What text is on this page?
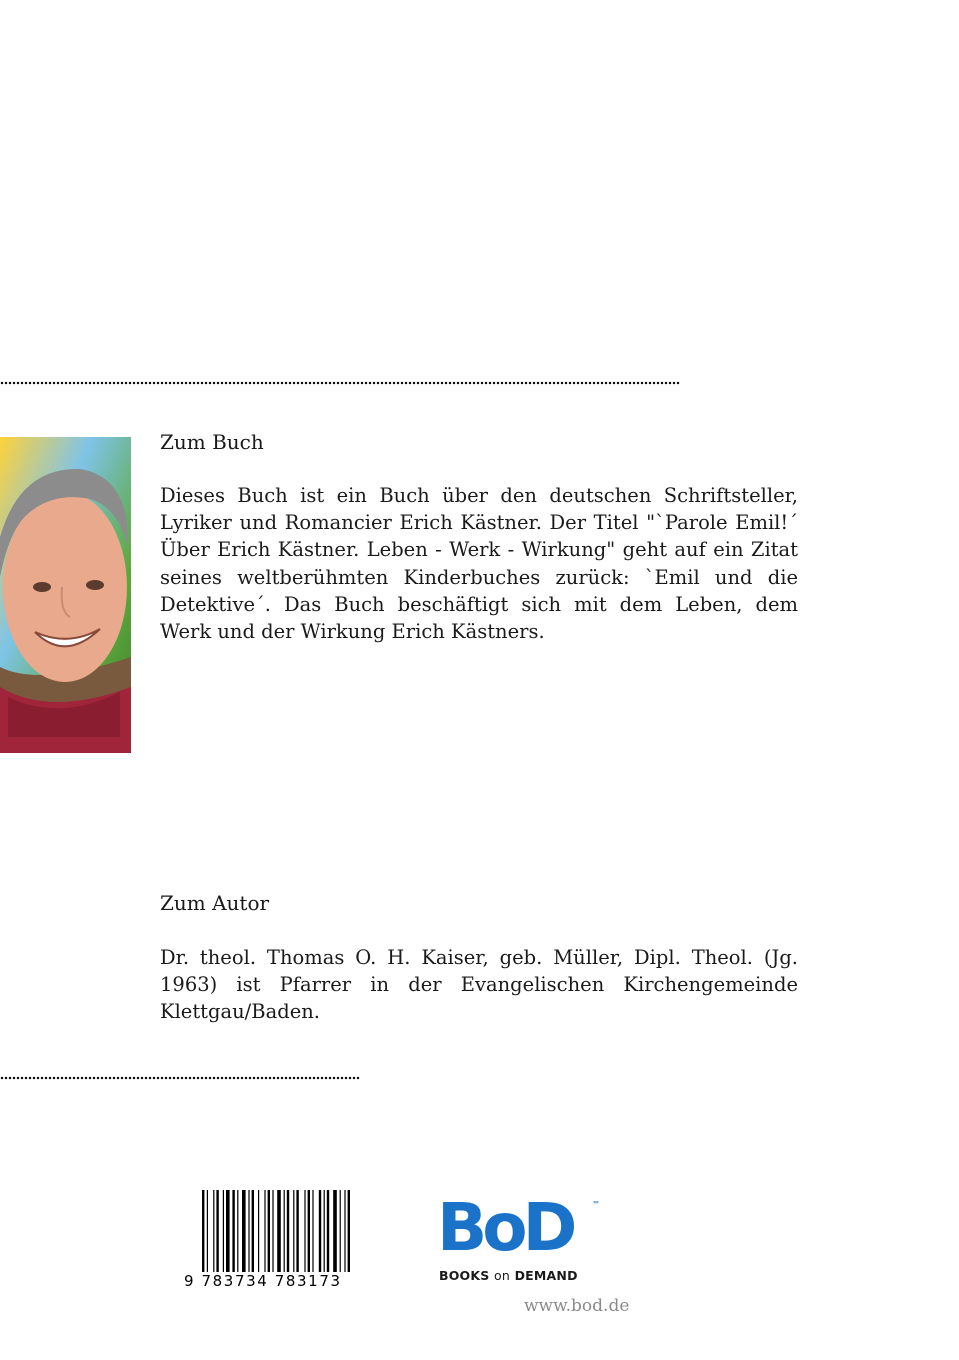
Zum Buch

Dieses Buch ist ein Buch über den deutschen Schriftsteller, Lyriker und Romancier Erich Kästner. Der Titel "`Parole Emil!´ Über Erich Kästner. Leben - Werk - Wirkung" geht auf ein Zitat seines weltberühmten Kinderbuches zurück: `Emil und die Detektive´. Das Buch beschäftigt sich mit dem Leben, dem Werk und der Wirkung Erich Kästners.

Zum Autor

Dr. theol. Thomas O. H. Kaiser, geb. Müller, Dipl. Theol. (Jg. 1963) ist Pfarrer in der Evangelischen Kirchengemeinde Klettgau/Baden.

9 783734 783173
BoD ™
BOOKS on DEMAND
www.bod.de
